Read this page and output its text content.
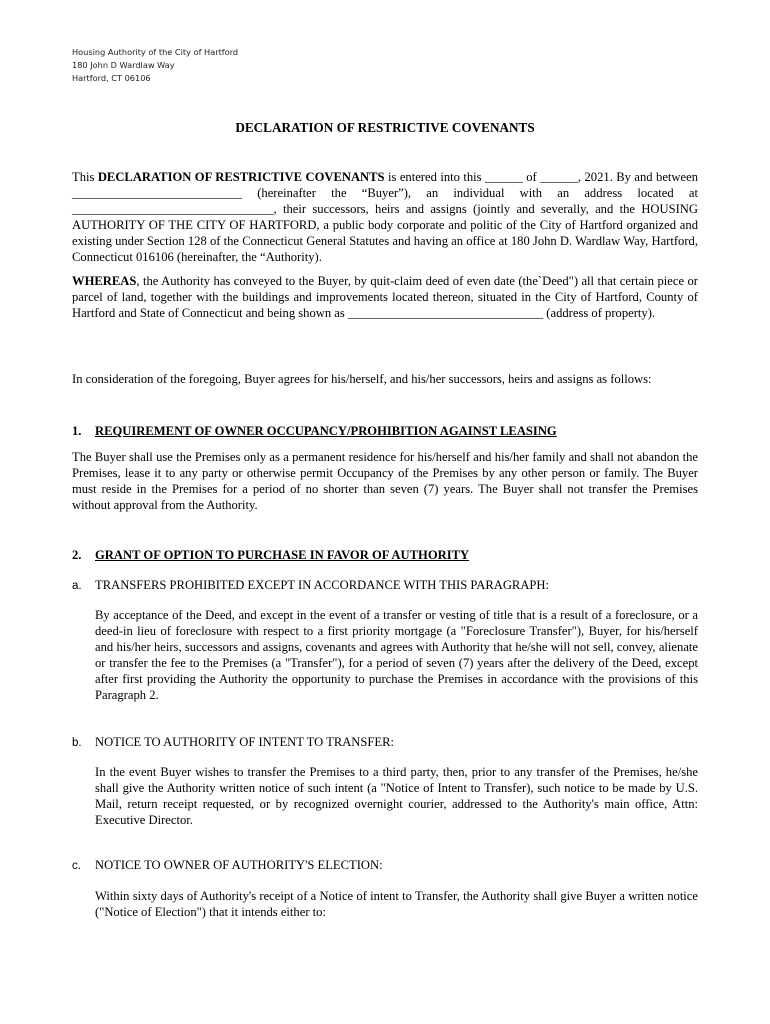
Housing Authority of the City of Hartford
180 John D Wardlaw Way
Hartford, CT 06106
DECLARATION OF RESTRICTIVE COVENANTS
This DECLARATION OF RESTRICTIVE COVENANTS is entered into this ______ of ______, 2021. By and between ___________________________ (hereinafter the “Buyer”), an individual with an address located at ________________________________, their successors, heirs and assigns (jointly and severally, and the HOUSING AUTHORITY OF THE CITY OF HARTFORD, a public body corporate and politic of the City of Hartford organized and existing under Section 128 of the Connecticut General Statutes and having an office at 180 John D. Wardlaw Way, Hartford, Connecticut 016106 (hereinafter, the “Authority).
WHEREAS, the Authority has conveyed to the Buyer, by quit-claim deed of even date (the`Deed") all that certain piece or parcel of land, together with the buildings and improvements located thereon, situated in the City of Hartford, County of Hartford and State of Connecticut and being shown as _______________________________ (address of property).
In consideration of the foregoing, Buyer agrees for his/herself, and his/her successors, heirs and assigns as follows:
1. REQUIREMENT OF OWNER OCCUPANCY/PROHIBITION AGAINST LEASING
The Buyer shall use the Premises only as a permanent residence for his/herself and his/her family and shall not abandon the Premises, lease it to any party or otherwise permit Occupancy of the Premises by any other person or family. The Buyer must reside in the Premises for a period of no shorter than seven (7) years. The Buyer shall not transfer the Premises without approval from the Authority.
2. GRANT OF OPTION TO PURCHASE IN FAVOR OF AUTHORITY
a. TRANSFERS PROHIBITED EXCEPT IN ACCORDANCE WITH THIS PARAGRAPH:
By acceptance of the Deed, and except in the event of a transfer or vesting of title that is a result of a foreclosure, or a deed-in lieu of foreclosure with respect to a first priority mortgage (a "Foreclosure Transfer"), Buyer, for his/herself and his/her heirs, successors and assigns, covenants and agrees with Authority that he/she will not sell, convey, alienate or transfer the fee to the Premises (a "Transfer"), for a period of seven (7) years after the delivery of the Deed, except after first providing the Authority the opportunity to purchase the Premises in accordance with the provisions of this Paragraph 2.
b. NOTICE TO AUTHORITY OF INTENT TO TRANSFER:
In the event Buyer wishes to transfer the Premises to a third party, then, prior to any transfer of the Premises, he/she shall give the Authority written notice of such intent (a "Notice of Intent to Transfer), such notice to be made by U.S. Mail, return receipt requested, or by recognized overnight courier, addressed to the Authority's main office, Attn: Executive Director.
c. NOTICE TO OWNER OF AUTHORITY'S ELECTION:
Within sixty days of Authority's receipt of a Notice of intent to Transfer, the Authority shall give Buyer a written notice ("Notice of Election") that it intends either to:
